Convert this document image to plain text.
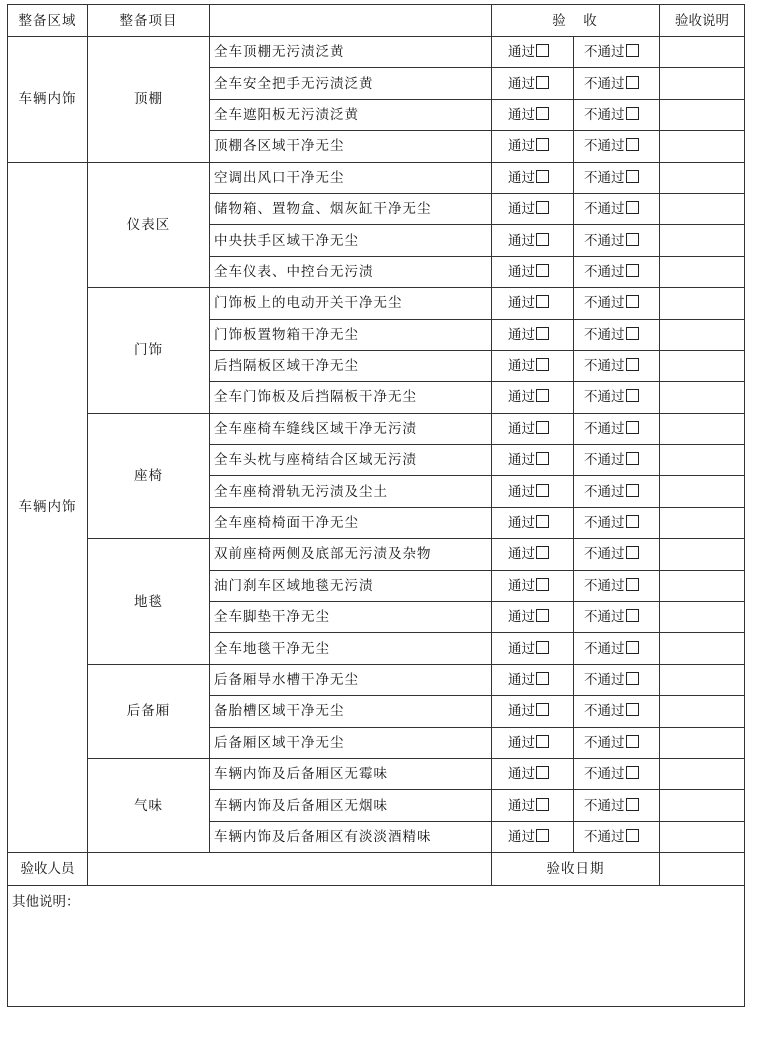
整备区域	整备项目		验　收		验收说明
车辆内饰	顶棚	全车顶棚无污渍泛黄	通过	不通过	
		全车安全把手无污渍泛黄	通过	不通过	
		全车遮阳板无污渍泛黄	通过	不通过	
		顶棚各区域干净无尘	通过	不通过	
车辆内饰	仪表区	空调出风口干净无尘	通过	不通过	
		储物箱、置物盒、烟灰缸干净无尘	通过	不通过	
		中央扶手区域干净无尘	通过	不通过	
		全车仪表、中控台无污渍	通过	不通过	
	门饰	门饰板上的电动开关干净无尘	通过	不通过	
		门饰板置物箱干净无尘	通过	不通过	
		后挡隔板区域干净无尘	通过	不通过	
		全车门饰板及后挡隔板干净无尘	通过	不通过	
	座椅	全车座椅车缝线区域干净无污渍	通过	不通过	
		全车头枕与座椅结合区域无污渍	通过	不通过	
		全车座椅滑轨无污渍及尘土	通过	不通过	
		全车座椅椅面干净无尘	通过	不通过	
	地毯	双前座椅两侧及底部无污渍及杂物	通过	不通过	
		油门刹车区域地毯无污渍	通过	不通过	
		全车脚垫干净无尘	通过	不通过	
		全车地毯干净无尘	通过	不通过	
	后备厢	后备厢导水槽干净无尘	通过	不通过	
		备胎槽区域干净无尘	通过	不通过	
		后备厢区域干净无尘	通过	不通过	
	气味	车辆内饰及后备厢区无霉味	通过	不通过	
		车辆内饰及后备厢区无烟味	通过	不通过	
		车辆内饰及后备厢区有淡淡酒精味	通过	不通过	
验收人员			验收日期		
其他说明：					
